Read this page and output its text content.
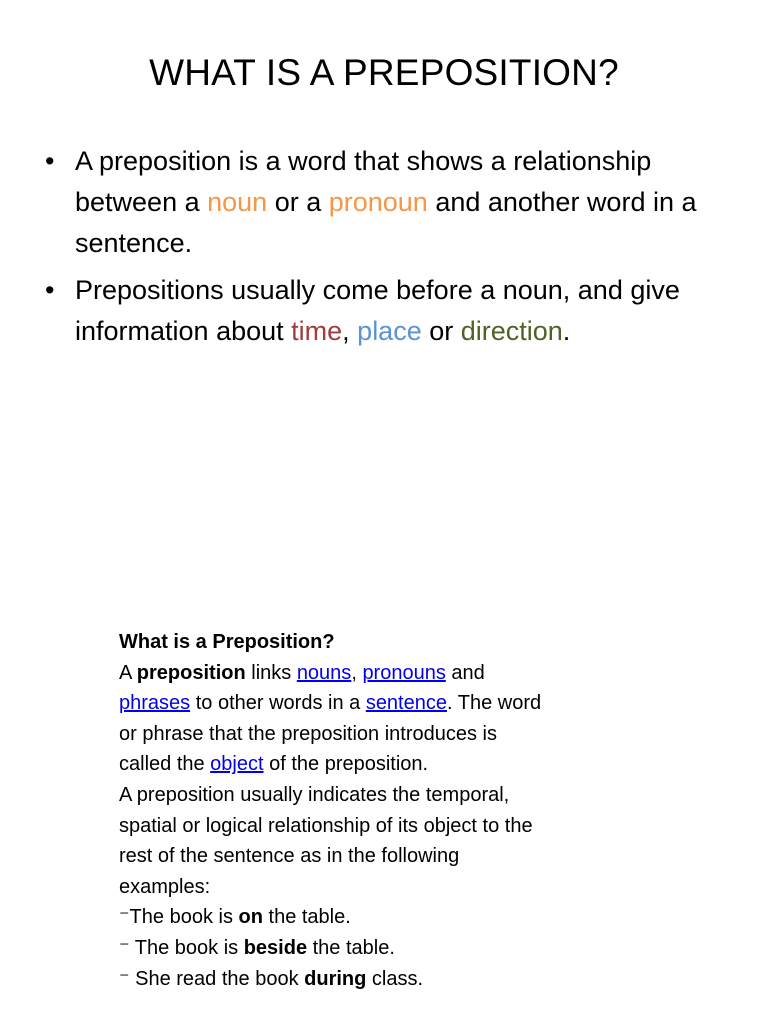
WHAT IS A PREPOSITION?
• A preposition is a word that shows a relationship between a noun or a pronoun and another word in a sentence.
• Prepositions usually come before a noun, and give information about time, place or direction.
What is a Preposition?
A preposition links nouns, pronouns and
phrases to other words in a sentence. The word
or phrase that the preposition introduces is
called the object of the preposition.
A preposition usually indicates the temporal,
spatial or logical relationship of its object to the
rest of the sentence as in the following
examples:
⁻The book is on the table.
⁻ The book is beside the table.
⁻ She read the book during class.
